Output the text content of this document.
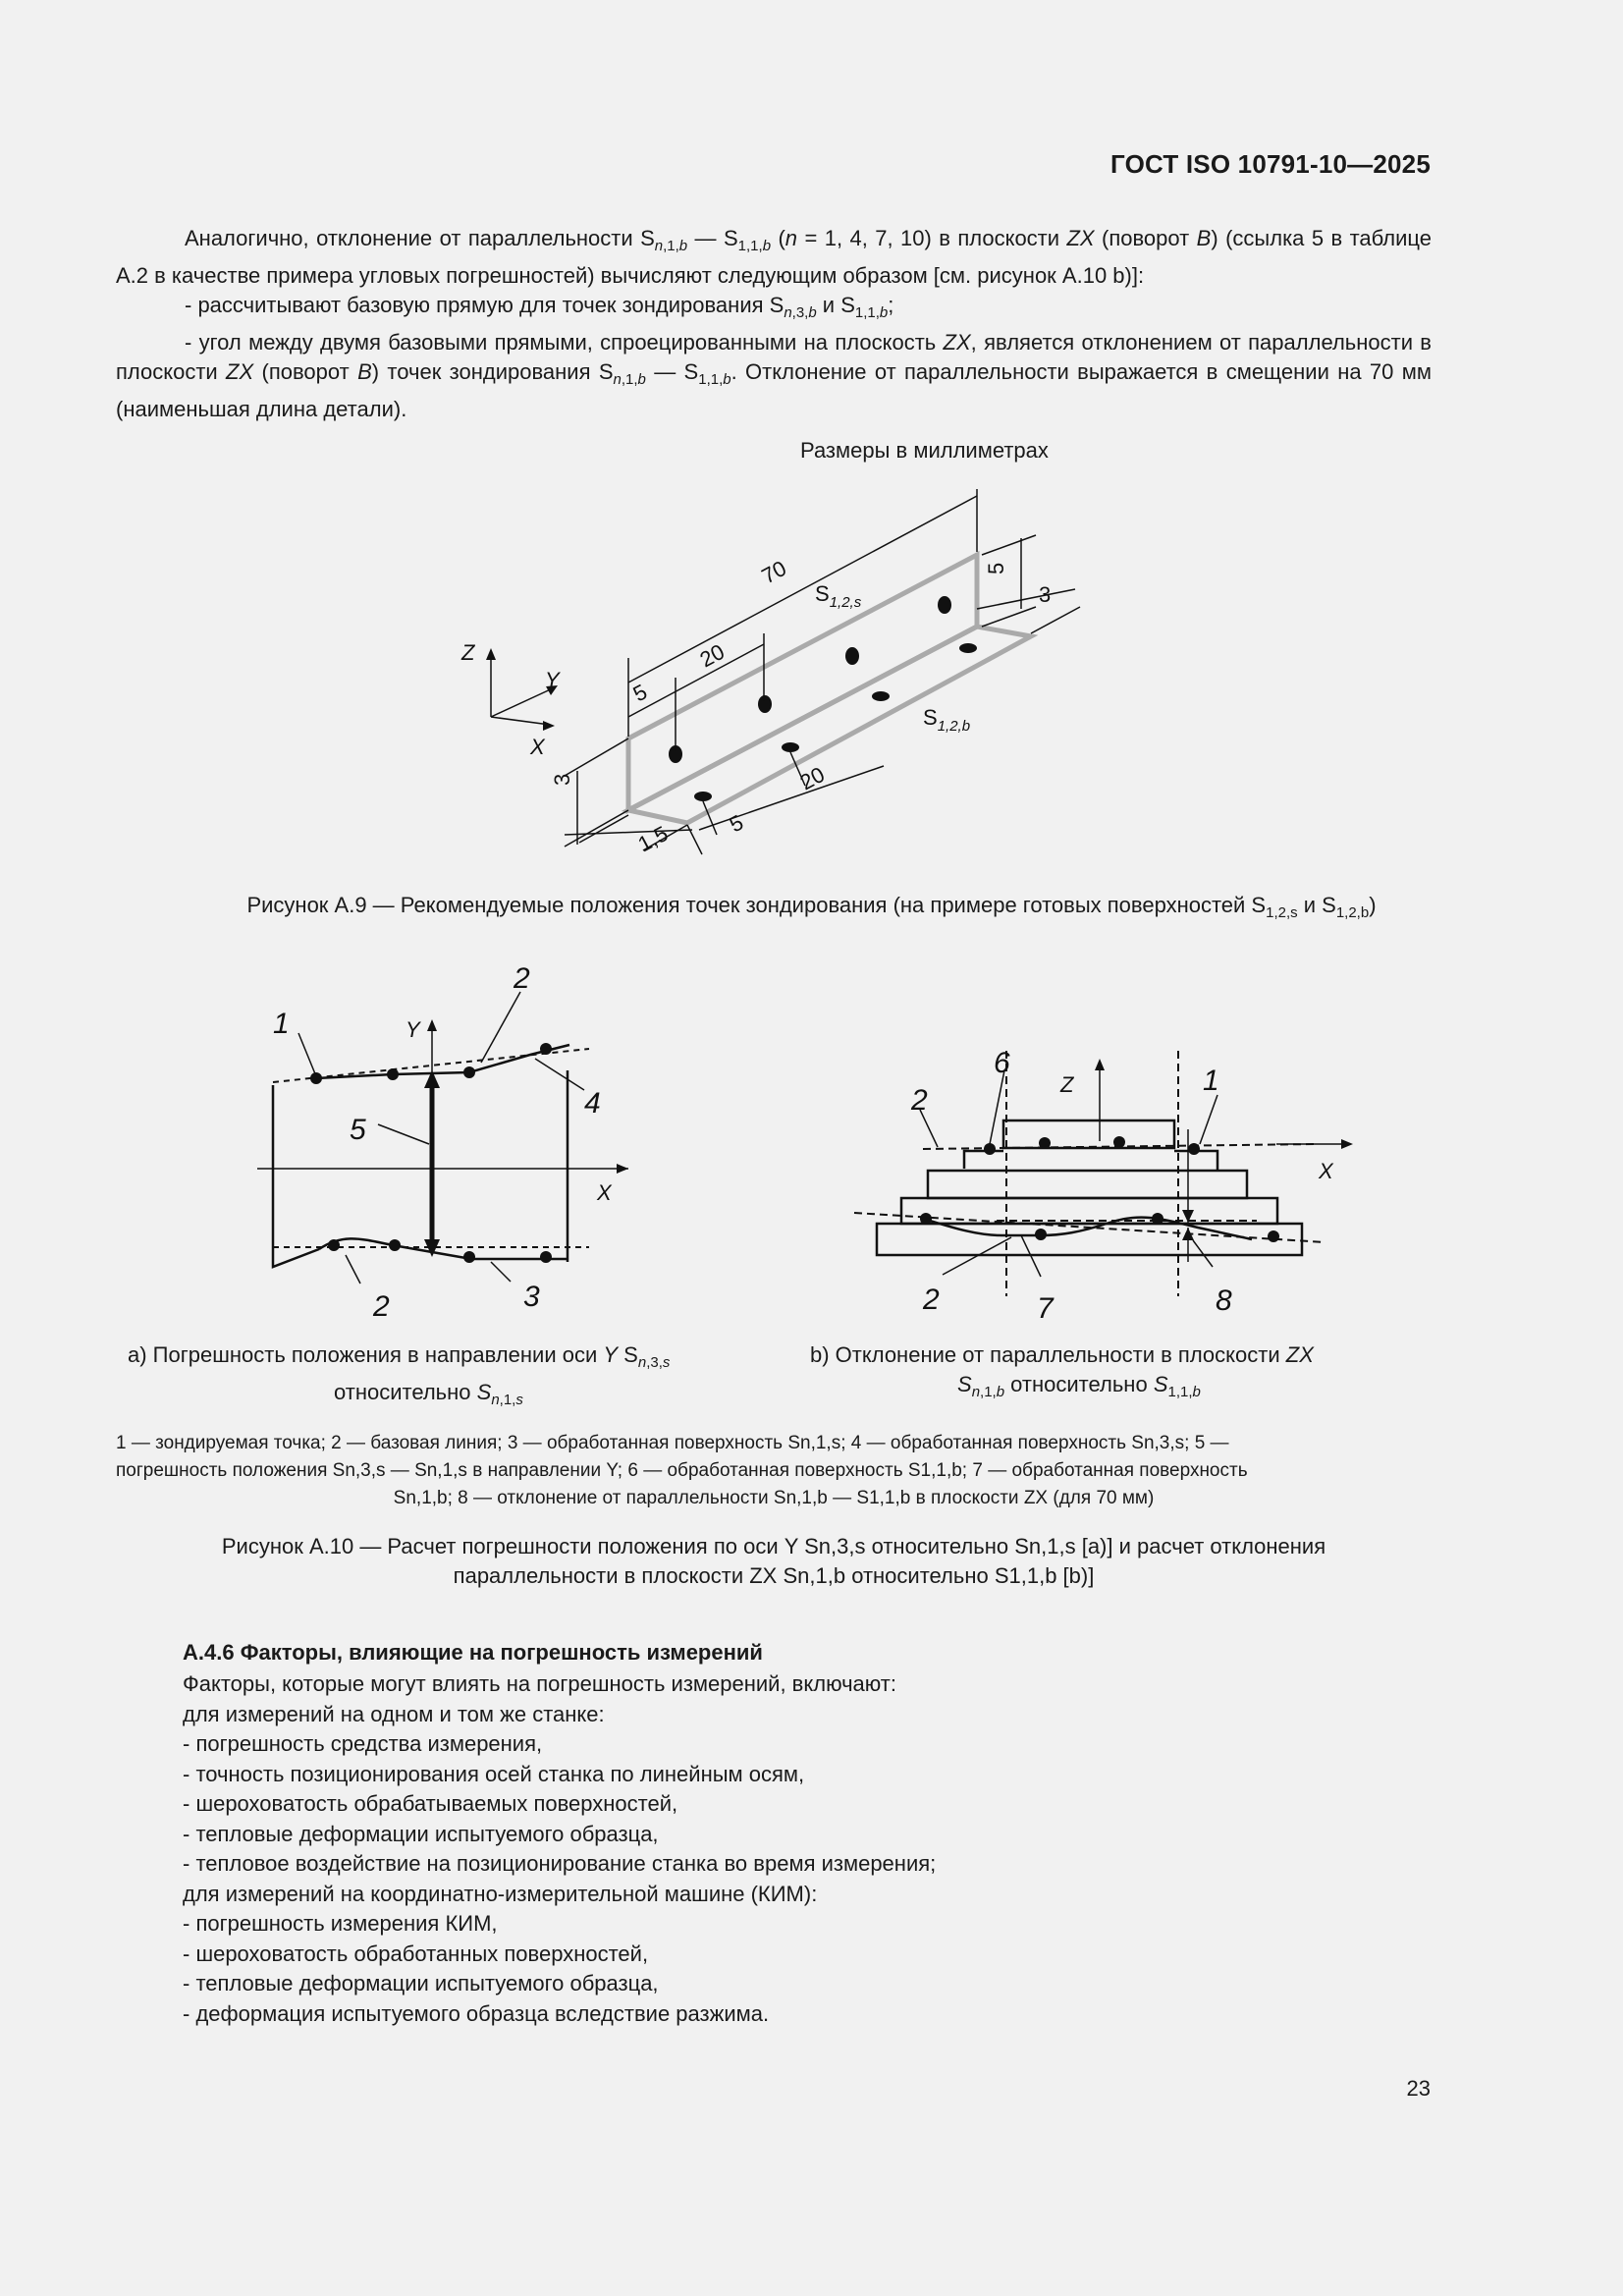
ГОСТ ISO 10791-10—2025

Аналогично, отклонение от параллельности $S_{n,1,b}$ — $S_{1,1,b}$ (n = 1, 4, 7, 10) в плоскости ZX (поворот B) (ссылка 5 в таблице А.2 в качестве примера угловых погрешностей) вычисляют следующим образом [см. рисунок А.10 b)]:

- рассчитывают базовую прямую для точек зондирования $S_{n,3,b}$ и $S_{1,1,b}$;

- угол между двумя базовыми прямыми, спроецированными на плоскость ZX, является отклонением от параллельности в плоскости ZX (поворот B) точек зондирования $S_{n,1,b}$ — $S_{1,1,b}$. Отклонение от параллельности выражается в смещении на 70 мм (наименьшая длина детали).

Размеры в миллиметрах
70
20
5
5
3
3
1,5 5
20
$S_{1,2,s}$
$S_{1,2,b}$
Z
Y
X
Рисунок А.9 — Рекомендуемые положения точек зондирования (на примере готовых поверхностей $S_{1,2,s}$ и $S_{1,2,b}$)
1
2
4
5
2	3
Y
X
6
1
2
2	7	8
Z
X
a) Погрешность положения в направлении оси Y $S_{n,3,s}$
относительно $S_{n,1,s}$
b) Отклонение от параллельности в плоскости ZX
$S_{n,1,b}$ относительно $S_{1,1,b}$
1 — зондируемая точка; 2 — базовая линия; 3 — обработанная поверхность Sn,1,s; 4 — обработанная поверхность Sn,3,s; 5 —
погрешность положения Sn,3,s — Sn,1,s в направлении Y; 6 — обработанная поверхность S1,1,b; 7 — обработанная поверхность
Sn,1,b; 8 — отклонение от параллельности Sn,1,b — S1,1,b в плоскости ZX (для 70 мм)
Рисунок А.10 — Расчет погрешности положения по оси Y Sn,3,s относительно Sn,1,s [a)] и расчет отклонения
параллельности в плоскости ZX Sn,1,b относительно S1,1,b [b)]
А.4.6 Факторы, влияющие на погрешность измерений
Факторы, которые могут влиять на погрешность измерений, включают:
для измерений на одном и том же станке:
- погрешность средства измерения,
- точность позиционирования осей станка по линейным осям,
- шероховатость обрабатываемых поверхностей,
- тепловые деформации испытуемого образца,
- тепловое воздействие на позиционирование станка во время измерения;
для измерений на координатно-измерительной машине (КИМ):
- погрешность измерения КИМ,
- шероховатость обработанных поверхностей,
- тепловые деформации испытуемого образца,
- деформация испытуемого образца вследствие разжима.
23
